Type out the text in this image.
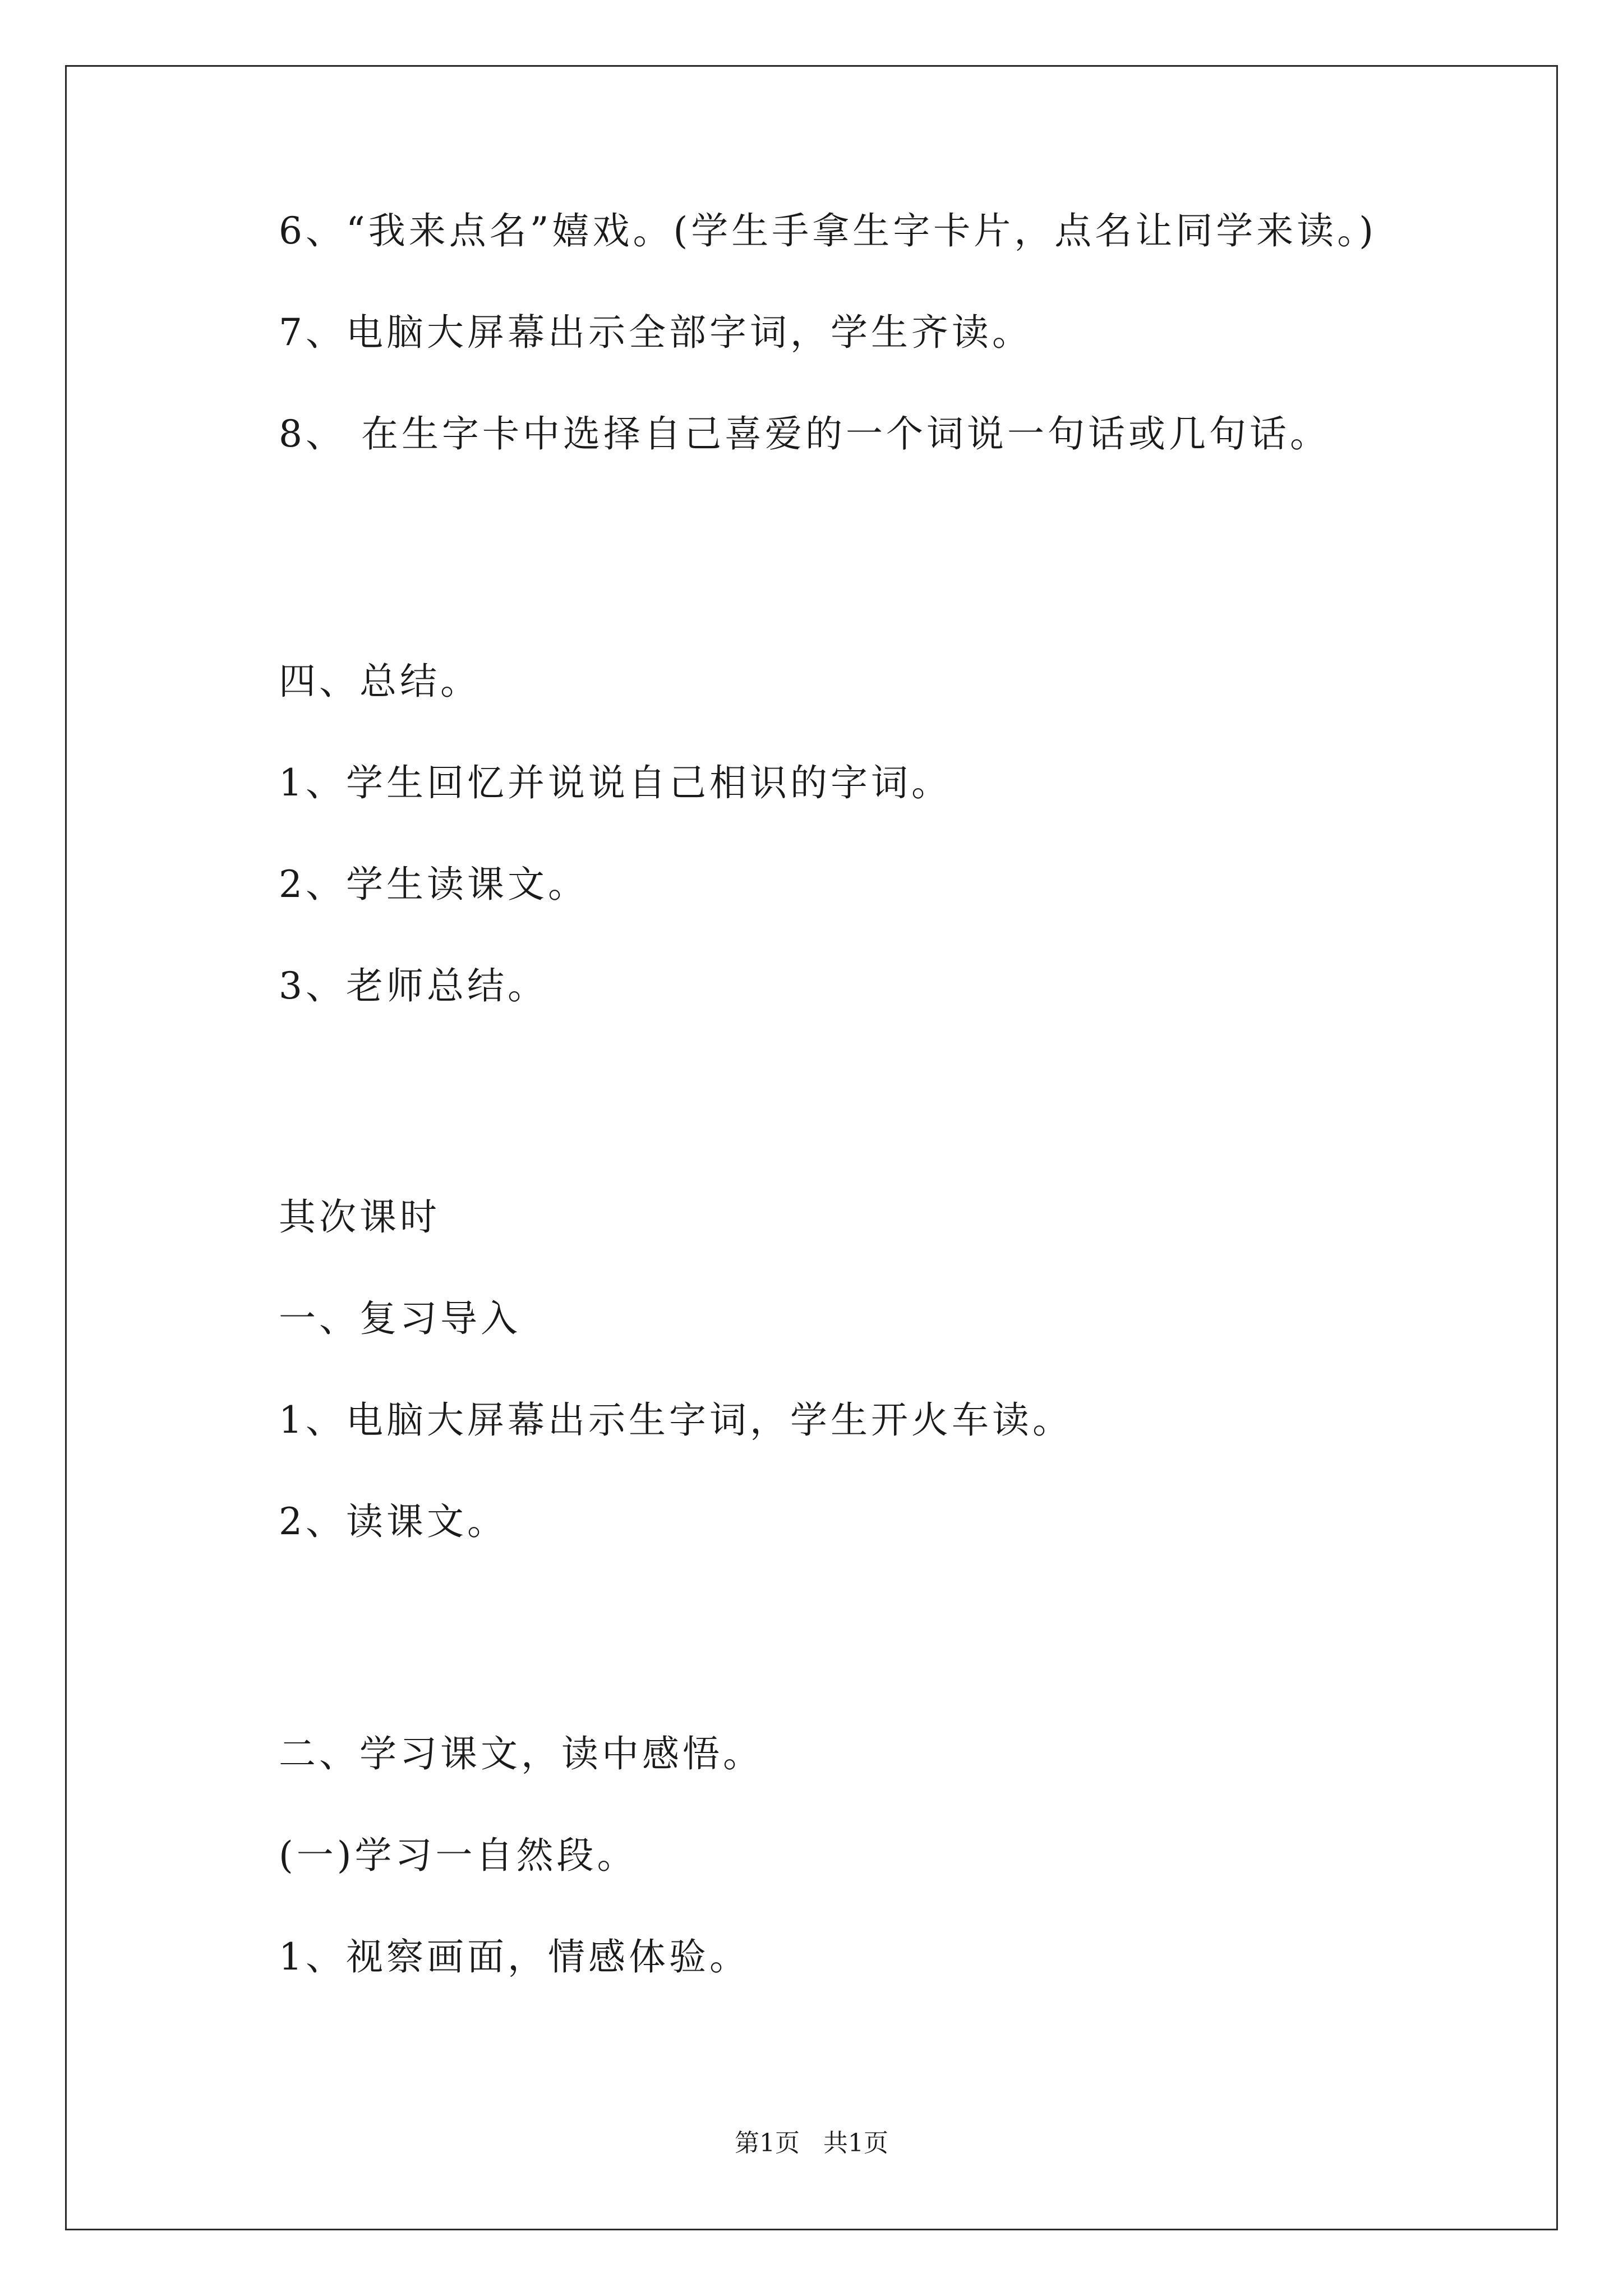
6、“我来点名”嬉戏。(学生手拿生字卡片，点名让同学来读。)
7、电脑大屏幕出示全部字词，学生齐读。
8、 在生字卡中选择自己喜爱的一个词说一句话或几句话。
四、总结。
1、学生回忆并说说自己相识的字词。
2、学生读课文。
3、老师总结。
其次课时
一、复习导入
1、电脑大屏幕出示生字词，学生开火车读。
2、读课文。
二、学习课文，读中感悟。
(一)学习一自然段。
1、视察画面，情感体验。
第1页 共1页
